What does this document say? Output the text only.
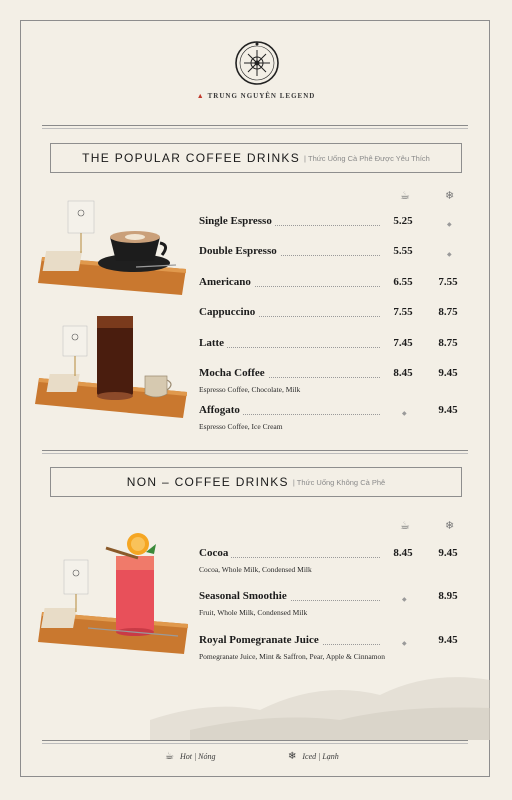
▲ TRUNG NGUYÊN LEGEND
THE POPULAR COFFEE DRINKS | Thức Uống Cà Phê Được Yêu Thích
☕	❄
Single Espresso	5.25	◆
Double Espresso	5.55	◆
Americano	6.55 7.55
Cappuccino	7.55 8.75
Latte	7.45 8.75
Mocha Coffee	8.45 9.45
Espresso Coffee, Chocolate, Milk
Affogato	◆	9.45
Espresso Coffee, Ice Cream
NON – COFFEE DRINKS | Thức Uống Không Cà Phê
☕	❄
Cocoa	8.45 9.45
Cocoa, Whole Milk, Condensed Milk
Seasonal Smoothie	◆	8.95
Fruit, Whole Milk, Condensed Milk
Royal Pomegranate Juice	◆	9.45
Pomegranate Juice, Mint & Saffron, Pear, Apple & Cinnamon
☕ Hot | Nóng	❄ Iced | Lạnh
